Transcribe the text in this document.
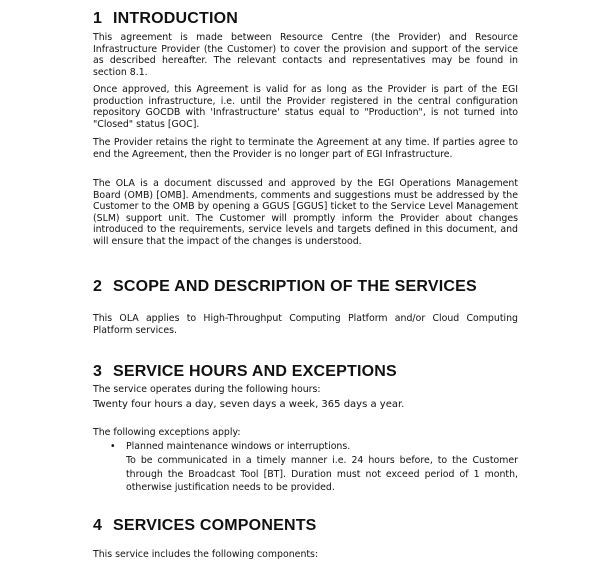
1 INTRODUCTION

This agreement is made between Resource Centre (the Provider) and Resource Infrastructure Provider (the Customer) to cover the provision and support of the service as described hereafter. The relevant contacts and representatives may be found in section 8.1.

Once approved, this Agreement is valid for as long as the Provider is part of the EGI production infrastructure, i.e. until the Provider registered in the central configuration repository GOCDB with 'Infrastructure' status equal to "Production", is not turned into "Closed" status [GOC].

The Provider retains the right to terminate the Agreement at any time. If parties agree to end the Agreement, then the Provider is no longer part of EGI Infrastructure.

The OLA is a document discussed and approved by the EGI Operations Management Board (OMB) [OMB]. Amendments, comments and suggestions must be addressed by the Customer to the OMB by opening a GGUS [GGUS] ticket to the Service Level Management (SLM) support unit. The Customer will promptly inform the Provider about changes introduced to the requirements, service levels and targets defined in this document, and will ensure that the impact of the changes is understood.

2 SCOPE AND DESCRIPTION OF THE SERVICES

This OLA applies to High-Throughput Computing Platform and/or Cloud Computing Platform services.

3 SERVICE HOURS AND EXCEPTIONS

The service operates during the following hours:

Twenty four hours a day, seven days a week, 365 days a year.

The following exceptions apply:

• Planned maintenance windows or interruptions.

To be communicated in a timely manner i.e. 24 hours before, to the Customer through the Broadcast Tool [BT]. Duration must not exceed period of 1 month, otherwise justification needs to be provided.

4 SERVICES COMPONENTS

This service includes the following components:
